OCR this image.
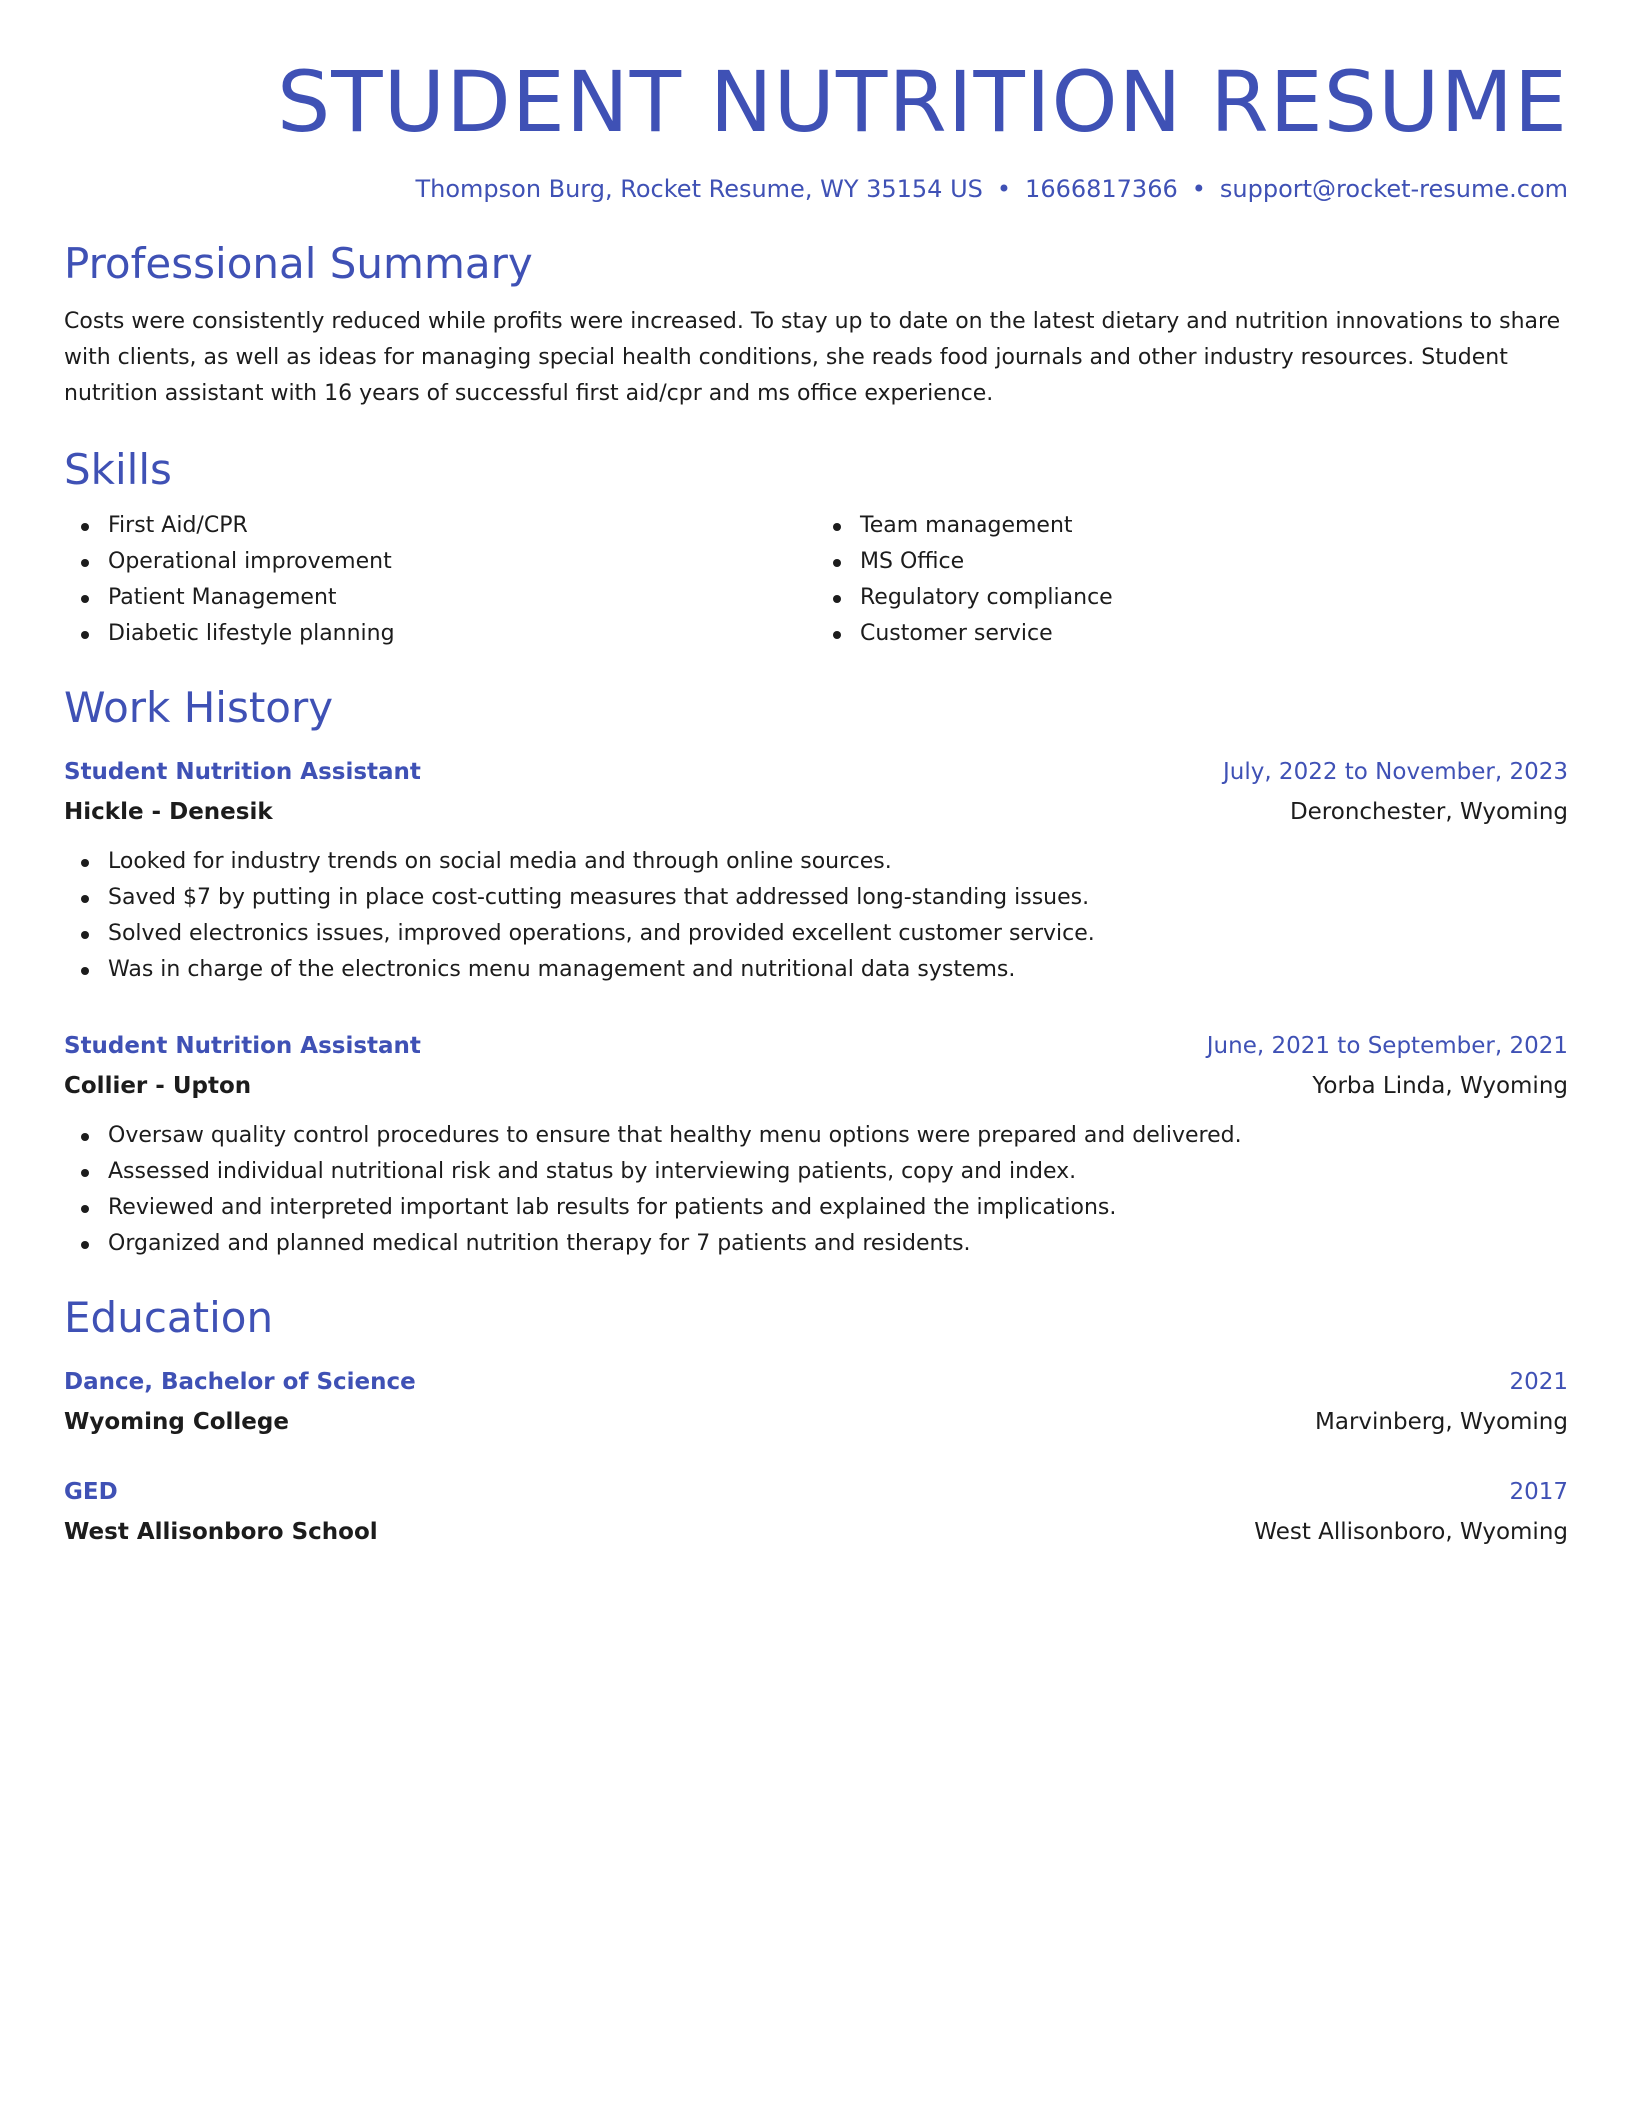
STUDENT NUTRITION RESUME
Thompson Burg, Rocket Resume, WY 35154 US • 1666817366 • support@rocket-resume.com
Professional Summary

Costs were consistently reduced while profits were increased. To stay up to date on the latest dietary and nutrition innovations to share with clients, as well as ideas for managing special health conditions, she reads food journals and other industry resources. Student nutrition assistant with 16 years of successful first aid/cpr and ms office experience.

Skills
First Aid/CPR
Operational improvement
Patient Management
Diabetic lifestyle planning
Team management
MS Office
Regulatory compliance
Customer service
Work History
Student Nutrition Assistant	July, 2022 to November, 2023
Hickle - Denesik	Deronchester, Wyoming
Looked for industry trends on social media and through online sources.
Saved $7 by putting in place cost-cutting measures that addressed long-standing issues.
Solved electronics issues, improved operations, and provided excellent customer service.
Was in charge of the electronics menu management and nutritional data systems.
Student Nutrition Assistant	June, 2021 to September, 2021
Collier - Upton	Yorba Linda, Wyoming
Oversaw quality control procedures to ensure that healthy menu options were prepared and delivered.
Assessed individual nutritional risk and status by interviewing patients, copy and index.
Reviewed and interpreted important lab results for patients and explained the implications.
Organized and planned medical nutrition therapy for 7 patients and residents.
Education
Dance, Bachelor of Science	2021
Wyoming College	Marvinberg, Wyoming
GED	2017
West Allisonboro School	West Allisonboro, Wyoming
